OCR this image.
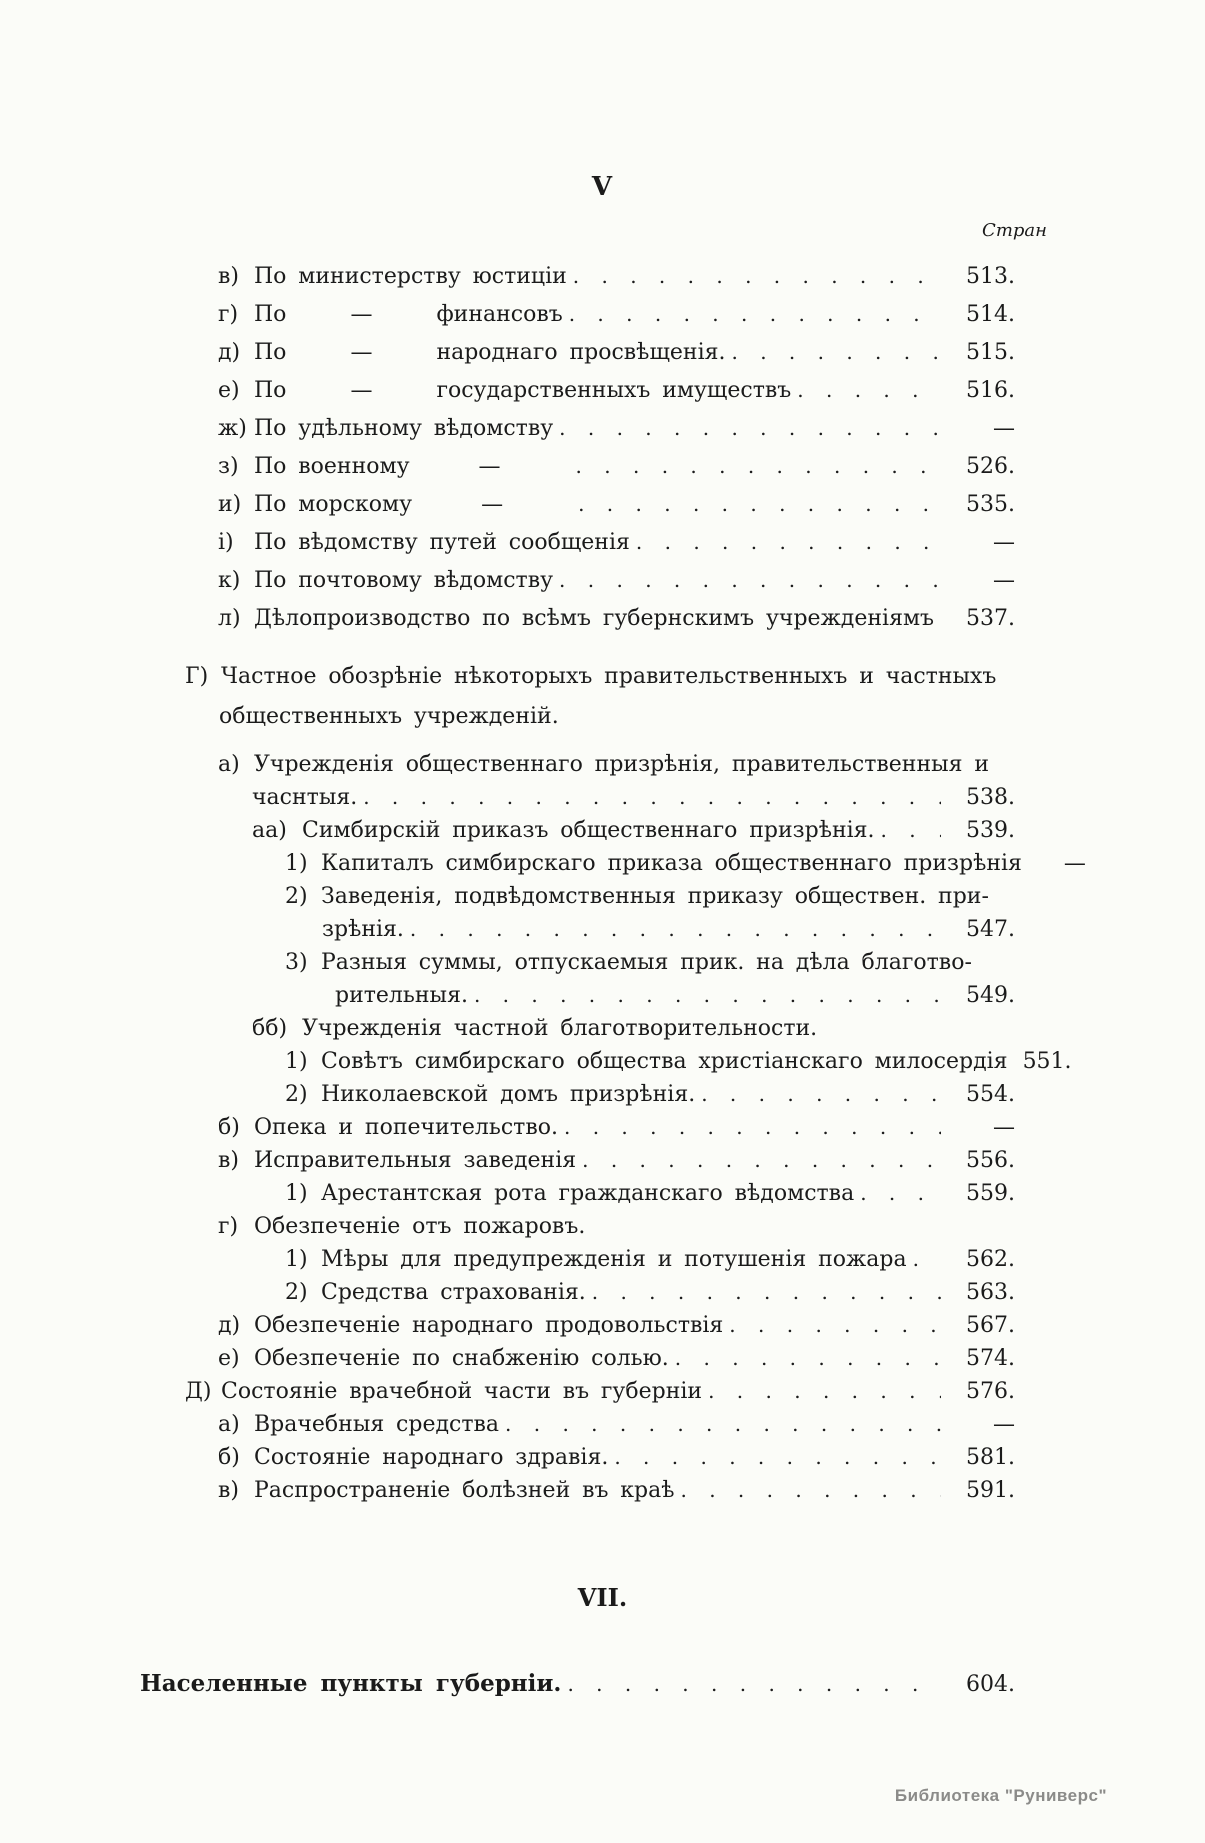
V
Стран
в) По министерству юстиціи . . .	513.
г) По	—	финансовъ . . .	514.
д) По	—	народнаго просвѣщенія. . . .	515.
е) По	—	государственныхъ имуществъ . . .	516.
ж) По удѣльному вѣдомству . . .	—
з) По военному	— . . .	526.
и) По морскому	— . . .	535.
і) По вѣдомству путей сообщенія . . .	—
к) По почтовому вѣдомству . . .	—
л) Дѣлопроизводство по всѣмъ губернскимъ учрежденіямъ . . .	537.
Г) Частное обозрѣніе нѣкоторыхъ правительственныхъ и частныхъ
общественныхъ учрежденій.
а) Учрежденія общественнаго призрѣнія, правительственныя и
часнтыя. . . .	538.
аа) Симбирскій приказъ общественнаго призрѣнія. . . .	539.
1) Капиталъ симбирскаго приказа общественнаго призрѣнія	—
2) Заведенія, подвѣдомственныя приказу обществен. при-
зрѣнія. . . .	547.
3) Разныя суммы, отпускаемыя прик. на дѣла благотво-
рительныя. . . .	549.
бб) Учрежденія частной благотворительности.
1) Совѣтъ симбирскаго общества христіанскаго милосердія 551.
2) Николаевской домъ призрѣнія. . . .	554.
б) Опека и попечительство. . . .	—
в) Исправительныя заведенія . . .	556.
1) Арестантская рота гражданскаго вѣдомства . . .	559.
г) Обезпеченіе отъ пожаровъ.
1) Мѣры для предупрежденія и потушенія пожара . . .	562.
2) Средства страхованія. . . .	563.
д) Обезпеченіе народнаго продовольствія . . .	567.
е) Обезпеченіе по снабженію солью. . . .	574.
Д) Состояніе врачебной части въ губерніи . . .	576.
а) Врачебныя средства . . .	—
б) Состояніе народнаго здравія. . . .	581.
в) Распространеніе болѣзней въ краѣ . . .	591.
VII.
Населенные пункты губерніи. . . .	604.
Библиотека "Руниверс"
